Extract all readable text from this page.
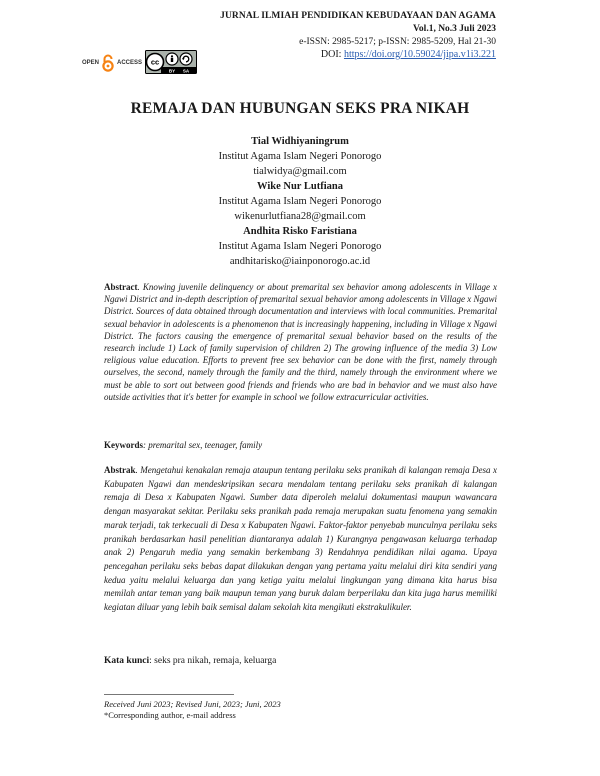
JURNAL ILMIAH PENDIDIKAN KEBUDAYAAN DAN AGAMA
Vol.1, No.3 Juli 2023
e-ISSN: 2985-5217; p-ISSN: 2985-5209, Hal 21-30
DOI: https://doi.org/10.59024/jipa.v1i3.221
OPEN	ACCESS cc
BY SA
REMAJA DAN HUBUNGAN SEKS PRA NIKAH
Tial Widhiyaningrum
Institut Agama Islam Negeri Ponorogo
tialwidya@gmail.com
Wike Nur Lutfiana
Institut Agama Islam Negeri Ponorogo
wikenurlutfiana28@gmail.com
Andhita Risko Faristiana
Institut Agama Islam Negeri Ponorogo
andhitarisko@iainponorogo.ac.id
Abstract. Knowing juvenile delinquency or about premarital sex behavior among adolescents in Village x Ngawi District and in-depth description of premarital sexual behavior among adolescents in Village x Ngawi District. Sources of data obtained through documentation and interviews with local communities. Premarital sexual behavior in adolescents is a phenomenon that is increasingly happening, including in Village x Ngawi District. The factors causing the emergence of premarital sexual behavior based on the results of the research include 1) Lack of family supervision of children 2) The growing influence of the media 3) Low religious value education. Efforts to prevent free sex behavior can be done with the first, namely through ourselves, the second, namely through the family and the third, namely through the environment where we must be able to sort out between good friends and friends who are bad in behavior and we must also have outside activities that it's better for example in school we follow extracurricular activities.
Keywords: premarital sex, teenager, family
Abstrak. Mengetahui kenakalan remaja ataupun tentang perilaku seks pranikah di kalangan remaja Desa x Kabupaten Ngawi dan mendeskripsikan secara mendalam tentang perilaku seks pranikah di kalangan remaja di Desa x Kabupaten Ngawi. Sumber data diperoleh melalui dokumentasi maupun wawancara dengan masyarakat sekitar. Perilaku seks pranikah pada remaja merupakan suatu fenomena yang semakin marak terjadi, tak terkecuali di Desa x Kabupaten Ngawi. Faktor-faktor penyebab munculnya perilaku seks pranikah berdasarkan hasil penelitian diantaranya adalah 1) Kurangnya pengawasan keluarga terhadap anak 2) Pengaruh media yang semakin berkembang 3) Rendahnya pendidikan nilai agama. Upaya pencegahan perilaku seks bebas dapat dilakukan dengan yang pertama yaitu melalui diri kita sendiri yang kedua yaitu melalui keluarga dan yang ketiga yaitu melalui lingkungan yang dimana kita harus bisa memilah antar teman yang baik maupun teman yang buruk dalam berperilaku dan kita juga harus memiliki kegiatan diluar yang lebih baik semisal dalam sekolah kita mengikuti ekstrakulikuler.
Kata kunci: seks pra nikah, remaja, keluarga
Received Juni 2023; Revised Juni, 2023; Juni, 2023
*Corresponding author, e-mail address
